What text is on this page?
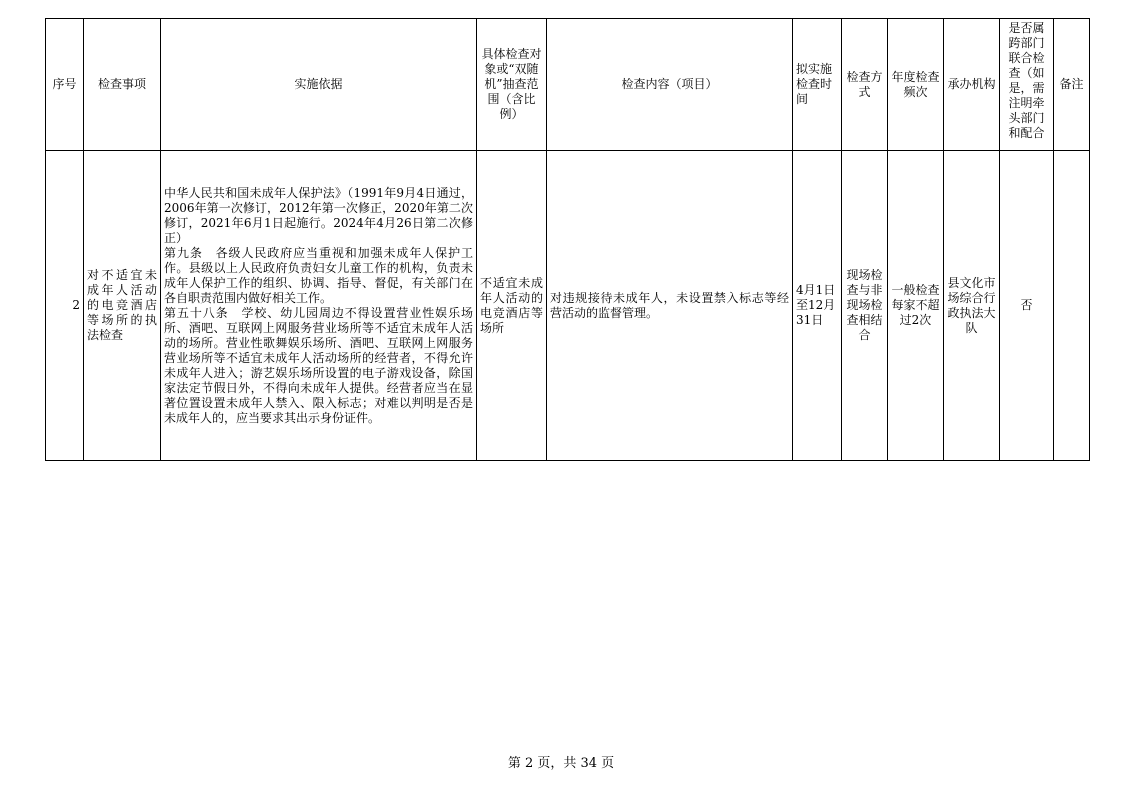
序号	检查事项	实施依据	具体检查对象或“双随机”抽查范围（含比例）	检查内容（项目）	拟实施检查时间	检查方式	年度检查频次	承办机构	是否属跨部门联合检查（如是，需注明牵头部门和配合	备注
2	对不适宜未成年人活动的电竞酒店等场所的执法检查	中华人民共和国未成年人保护法》（1991年9月4日通过，2006年第一次修订，2012年第一次修正，2020年第二次修订，2021年6月1日起施行。2024年4月26日第二次修正）
第九条　各级人民政府应当重视和加强未成年人保护工作。县级以上人民政府负责妇女儿童工作的机构，负责未成年人保护工作的组织、协调、指导、督促，有关部门在各自职责范围内做好相关工作。
第五十八条　学校、幼儿园周边不得设置营业性娱乐场所、酒吧、互联网上网服务营业场所等不适宜未成年人活动的场所。营业性歌舞娱乐场所、酒吧、互联网上网服务营业场所等不适宜未成年人活动场所的经营者，不得允许未成年人进入；游艺娱乐场所设置的电子游戏设备，除国家法定节假日外，不得向未成年人提供。经营者应当在显著位置设置未成年人禁入、限入标志；对难以判明是否是未成年人的，应当要求其出示身份证件。	不适宜未成年人活动的电竞酒店等场所	对违规接待未成年人，未设置禁入标志等经营活动的监督管理。	4月1日至12月31日	现场检查与非现场检查相结合	一般检查每家不超过2次	县文化市场综合行政执法大队	否	
第 2 页，共 34 页
